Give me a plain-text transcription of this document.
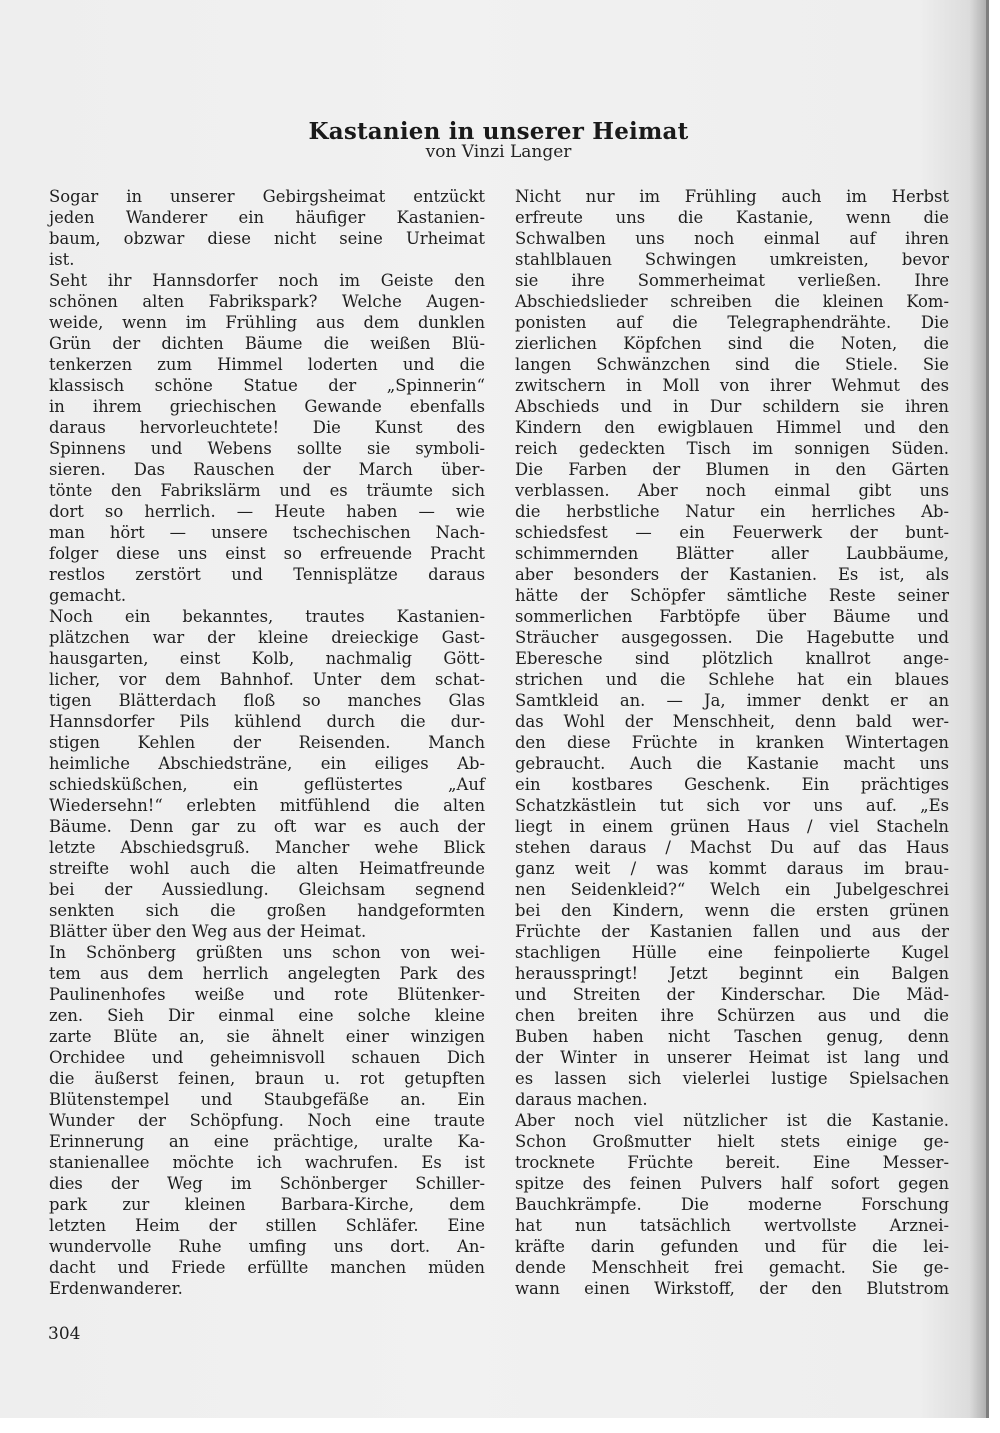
Kastanien in unserer Heimat
von Vinzi Langer

Sogar in unserer Gebirgsheimat entzückt
jeden Wanderer ein häufiger Kastanien-
baum, obzwar diese nicht seine Urheimat
ist.

Seht ihr Hannsdorfer noch im Geiste den
schönen alten Fabrikspark? Welche Augen-
weide, wenn im Frühling aus dem dunklen
Grün der dichten Bäume die weißen Blü-
tenkerzen zum Himmel loderten und die
klassisch schöne Statue der „Spinnerin“
in ihrem griechischen Gewande ebenfalls
daraus hervorleuchtete! Die Kunst des
Spinnens und Webens sollte sie symboli-
sieren. Das Rauschen der March über-
tönte den Fabrikslärm und es träumte sich
dort so herrlich. — Heute haben — wie
man hört — unsere tschechischen Nach-
folger diese uns einst so erfreuende Pracht
restlos zerstört und Tennisplätze daraus
gemacht.

Noch ein bekanntes, trautes Kastanien-
plätzchen war der kleine dreieckige Gast-
hausgarten, einst Kolb, nachmalig Gött-
licher, vor dem Bahnhof. Unter dem schat-
tigen Blätterdach floß so manches Glas
Hannsdorfer Pils kühlend durch die dur-
stigen Kehlen der Reisenden. Manch
heimliche Abschiedsträne, ein eiliges Ab-
schiedsküßchen, ein geflüstertes „Auf
Wiedersehn!“ erlebten mitfühlend die alten
Bäume. Denn gar zu oft war es auch der
letzte Abschiedsgruß. Mancher wehe Blick
streifte wohl auch die alten Heimatfreunde
bei der Aussiedlung. Gleichsam segnend
senkten sich die großen handgeformten
Blätter über den Weg aus der Heimat.

In Schönberg grüßten uns schon von wei-
tem aus dem herrlich angelegten Park des
Paulinenhofes weiße und rote Blütenker-
zen. Sieh Dir einmal eine solche kleine
zarte Blüte an, sie ähnelt einer winzigen
Orchidee und geheimnisvoll schauen Dich
die äußerst feinen, braun u. rot getupften
Blütenstempel und Staubgefäße an. Ein
Wunder der Schöpfung. Noch eine traute
Erinnerung an eine prächtige, uralte Ka-
stanienallee möchte ich wachrufen. Es ist
dies der Weg im Schönberger Schiller-
park zur kleinen Barbara-Kirche, dem
letzten Heim der stillen Schläfer. Eine
wundervolle Ruhe umfing uns dort. An-
dacht und Friede erfüllte manchen müden
Erdenwanderer.

Nicht nur im Frühling auch im Herbst
erfreute uns die Kastanie, wenn die
Schwalben uns noch einmal auf ihren
stahlblauen Schwingen umkreisten, bevor
sie ihre Sommerheimat verließen. Ihre
Abschiedslieder schreiben die kleinen Kom-
ponisten auf die Telegraphendrähte. Die
zierlichen Köpfchen sind die Noten, die
langen Schwänzchen sind die Stiele. Sie
zwitschern in Moll von ihrer Wehmut des
Abschieds und in Dur schildern sie ihren
Kindern den ewigblauen Himmel und den
reich gedeckten Tisch im sonnigen Süden.
Die Farben der Blumen in den Gärten
verblassen. Aber noch einmal gibt uns
die herbstliche Natur ein herrliches Ab-
schiedsfest — ein Feuerwerk der bunt-
schimmernden Blätter aller Laubbäume,
aber besonders der Kastanien. Es ist, als
hätte der Schöpfer sämtliche Reste seiner
sommerlichen Farbtöpfe über Bäume und
Sträucher ausgegossen. Die Hagebutte und
Eberesche sind plötzlich knallrot ange-
strichen und die Schlehe hat ein blaues
Samtkleid an. — Ja, immer denkt er an
das Wohl der Menschheit, denn bald wer-
den diese Früchte in kranken Wintertagen
gebraucht. Auch die Kastanie macht uns
ein kostbares Geschenk. Ein prächtiges
Schatzkästlein tut sich vor uns auf. „Es
liegt in einem grünen Haus / viel Stacheln
stehen daraus / Machst Du auf das Haus
ganz weit / was kommt daraus im brau-
nen Seidenkleid?“ Welch ein Jubelgeschrei
bei den Kindern, wenn die ersten grünen
Früchte der Kastanien fallen und aus der
stachligen Hülle eine feinpolierte Kugel
herausspringt! Jetzt beginnt ein Balgen
und Streiten der Kinderschar. Die Mäd-
chen breiten ihre Schürzen aus und die
Buben haben nicht Taschen genug, denn
der Winter in unserer Heimat ist lang und
es lassen sich vielerlei lustige Spielsachen
daraus machen.

Aber noch viel nützlicher ist die Kastanie.
Schon Großmutter hielt stets einige ge-
trocknete Früchte bereit. Eine Messer-
spitze des feinen Pulvers half sofort gegen
Bauchkrämpfe. Die moderne Forschung
hat nun tatsächlich wertvollste Arznei-
kräfte darin gefunden und für die lei-
dende Menschheit frei gemacht. Sie ge-
wann einen Wirkstoff, der den Blutstrom

304
